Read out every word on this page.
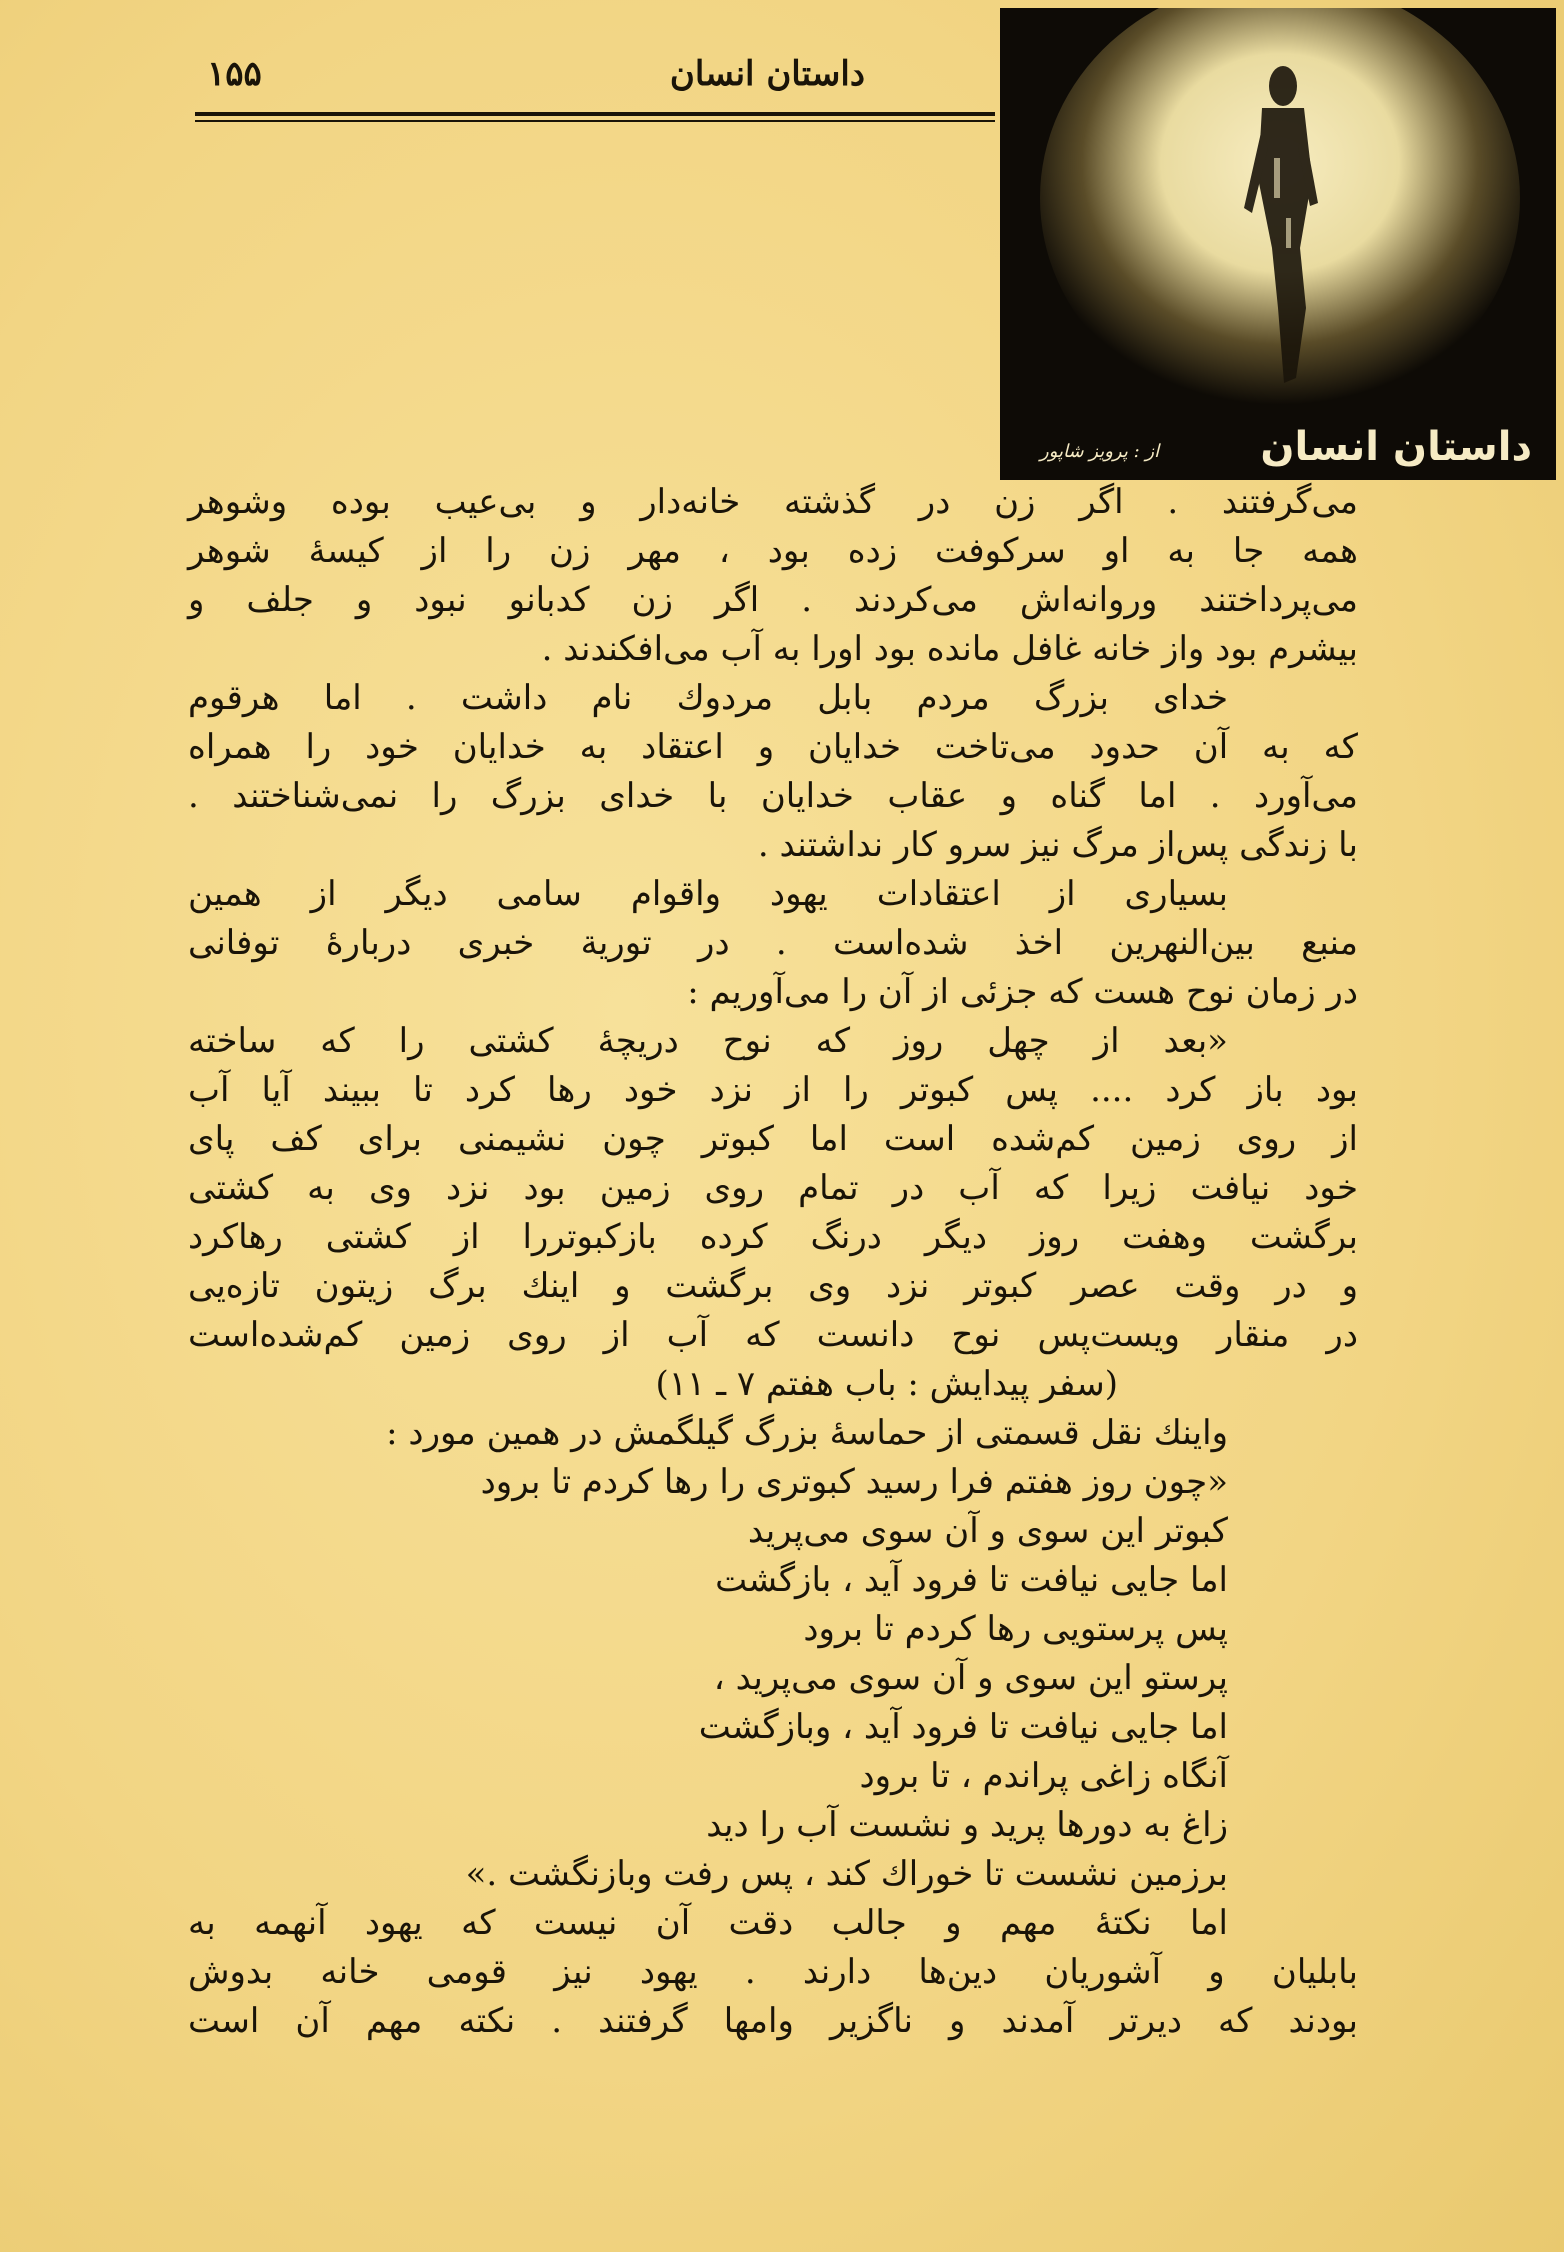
داستان انسان
۱۵۵
از : پرویز شاپور	داستان انسان
می‌گرفتند . اگر زن در گذشته خانه‌دار و بی‌عیب بوده وشوهر
همه جا به او سرکوفت زده بود ، مهر زن را از کیسهٔ شوهر
می‌پرداختند وروانه‌اش می‌کردند . اگر زن کدبانو نبود و جلف و
بیشرم بود واز خانه غافل مانده بود اورا به آب می‌افکندند .
خدای بزرگ مردم بابل مردوك نام داشت . اما هرقوم
که به آن حدود می‌تاخت خدایان و اعتقاد به خدایان خود را همراه
می‌آورد . اما گناه و عقاب خدایان با خدای بزرگ را نمی‌شناختند .
با زندگی پس‌از مرگ نیز سرو کار نداشتند .
بسیاری از اعتقادات یهود واقوام سامی دیگر از همین
منبع بین‌النهرین اخذ شده‌است . در تورية خبری دربارهٔ توفانی
در زمان نوح هست که جزئی از آن را می‌آوریم :
«بعد از چهل روز که نوح دریچهٔ کشتی را که ساخته
بود باز کرد .... پس کبوتر را از نزد خود رها کرد تا ببیند آیا آب
از روی زمین کم‌شده است اما کبوتر چون نشیمنی برای کف پای
خود نیافت زیرا که آب در تمام روی زمین بود نزد وی به کشتی
برگشت وهفت روز دیگر درنگ کرده بازکبوتررا از کشتی رهاکرد
و در وقت عصر کبوتر نزد وی برگشت و اینك برگ زیتون تازه‌یی
در منقار ویست‌پس نوح دانست که آب از روی زمین کم‌شده‌است
(سفر پیدایش : باب هفتم ۷ ـ ۱۱)
واینك نقل قسمتی از حماسهٔ بزرگ گیلگمش در همین مورد :
«چون روز هفتم فرا رسید کبوتری را رها کردم تا برود
کبوتر این سوی و آن سوی می‌پرید
اما جایی نیافت تا فرود آید ، بازگشت
پس پرستویی رها کردم تا برود
پرستو این سوی و آن سوی می‌پرید ،
اما جایی نیافت تا فرود آید ، وبازگشت
آنگاه زاغی پراندم ، تا برود
زاغ به دورها پرید و نشست آب را دید
برزمین نشست تا خوراك کند ، پس رفت وبازنگشت .»
اما نکتهٔ مهم و جالب دقت آن نیست که یهود آنهمه به
بابلیان و آشوریان دین‌ها دارند . یهود نیز قومی خانه بدوش
بودند که دیرتر آمدند و ناگزیر وامها گرفتند . نکته مهم آن است
